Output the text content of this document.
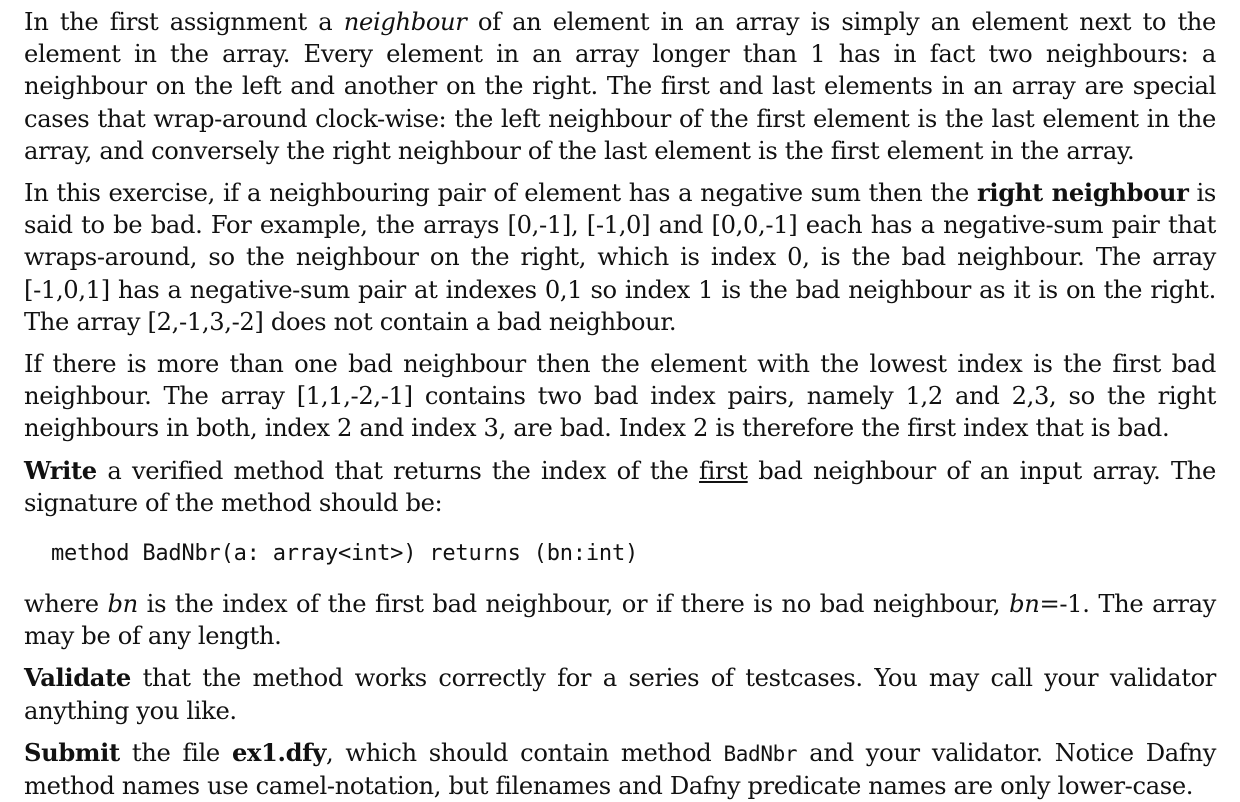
In the first assignment a neighbour of an element in an array is simply an element next to the element in the array. Every element in an array longer than 1 has in fact two neighbours: a neighbour on the left and another on the right. The first and last elements in an array are special cases that wrap-around clock-wise: the left neighbour of the first element is the last element in the array, and conversely the right neighbour of the last element is the first element in the array.

In this exercise, if a neighbouring pair of element has a negative sum then the right neighbour is said to be bad. For example, the arrays [0,-1], [-1,0] and [0,0,-1] each has a negative-sum pair that wraps-around, so the neighbour on the right, which is index 0, is the bad neighbour. The array [-1,0,1] has a negative-sum pair at indexes 0,1 so index 1 is the bad neighbour as it is on the right. The array [2,-1,3,-2] does not contain a bad neighbour.

If there is more than one bad neighbour then the element with the lowest index is the first bad neighbour. The array [1,1,-2,-1] contains two bad index pairs, namely 1,2 and 2,3, so the right neighbours in both, index 2 and index 3, are bad. Index 2 is therefore the first index that is bad.

Write a verified method that returns the index of the first bad neighbour of an input array. The signature of the method should be:

method BadNbr(a: array<int>) returns (bn:int)

where bn is the index of the first bad neighbour, or if there is no bad neighbour, bn=-1. The array may be of any length.

Validate that the method works correctly for a series of testcases. You may call your validator anything you like.

Submit the file ex1.dfy, which should contain method BadNbr and your validator. Notice Dafny method names use camel-notation, but filenames and Dafny predicate names are only lower-case.
